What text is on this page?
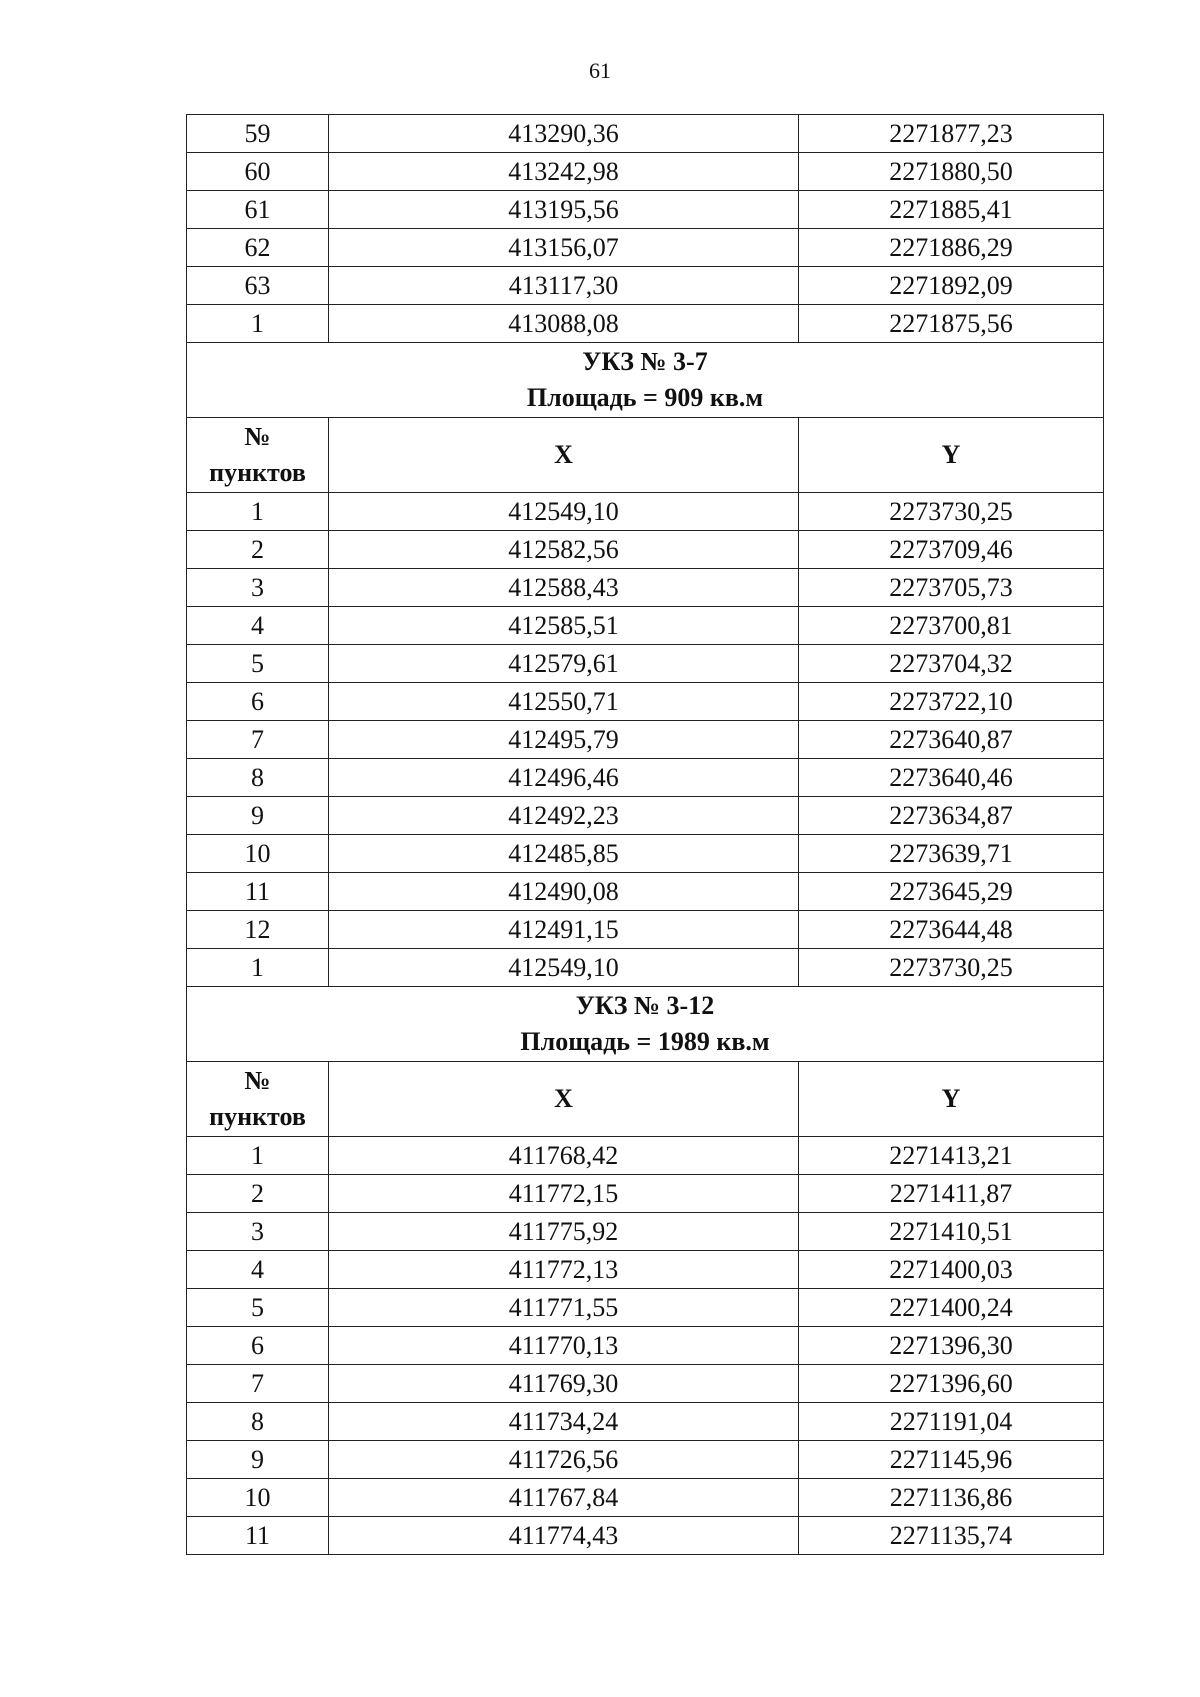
61
59	413290,36	2271877,23
60	413242,98	2271880,50
61	413195,56	2271885,41
62	413156,07	2271886,29
63	413117,30	2271892,09
1	413088,08	2271875,56

УКЗ № 3-7
Площадь = 909 кв.м		

№
пунктов	X	Y
1	412549,10	2273730,25
2	412582,56	2273709,46
3	412588,43	2273705,73
4	412585,51	2273700,81
5	412579,61	2273704,32
6	412550,71	2273722,10
7	412495,79	2273640,87
8	412496,46	2273640,46
9	412492,23	2273634,87
10	412485,85	2273639,71
11	412490,08	2273645,29
12	412491,15	2273644,48
1	412549,10	2273730,25

УКЗ № 3-12
Площадь = 1989 кв.м		

№
пунктов	X	Y
1	411768,42	2271413,21
2	411772,15	2271411,87
3	411775,92	2271410,51
4	411772,13	2271400,03
5	411771,55	2271400,24
6	411770,13	2271396,30
7	411769,30	2271396,60
8	411734,24	2271191,04
9	411726,56	2271145,96
10	411767,84	2271136,86
11	411774,43	2271135,74
